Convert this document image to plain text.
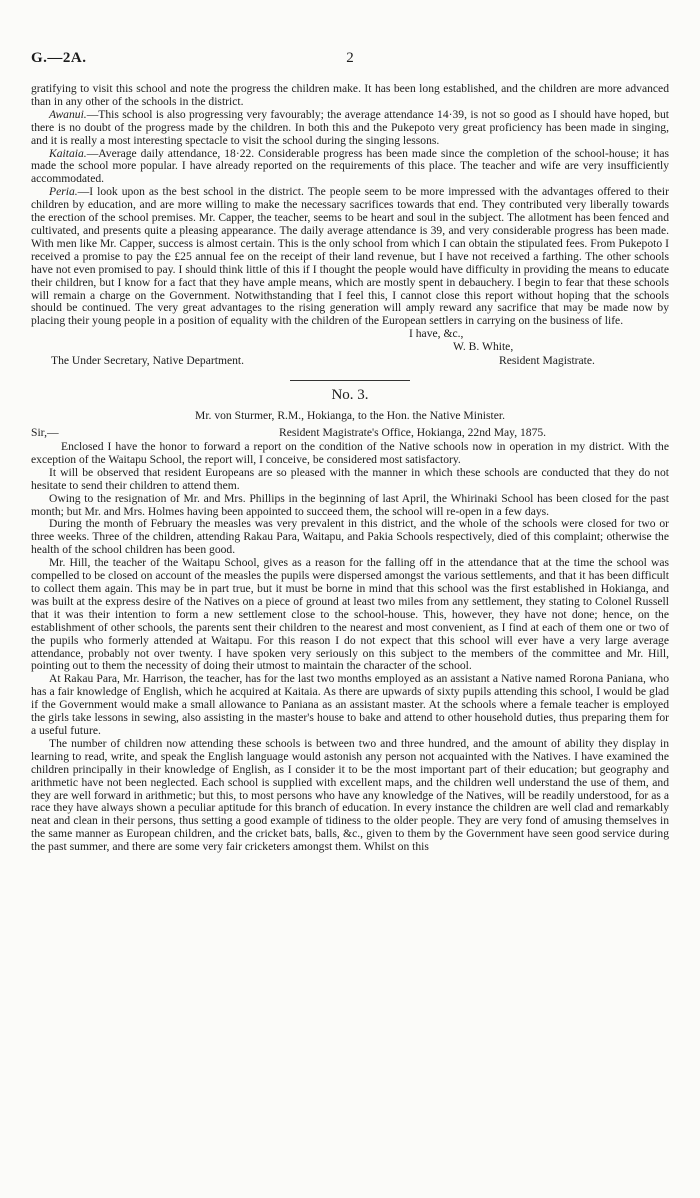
G.—2A.	2

gratifying to visit this school and note the progress the children make. It has been long established, and the children are more advanced than in any other of the schools in the district.

Awanui.—This school is also progressing very favourably; the average attendance 14·39, is not so good as I should have hoped, but there is no doubt of the progress made by the children. In both this and the Pukepoto very great proficiency has been made in singing, and it is really a most interesting spectacle to visit the school during the singing lessons.

Kaitaia.—Average daily attendance, 18·22. Considerable progress has been made since the completion of the school-house; it has made the school more popular. I have already reported on the requirements of this place. The teacher and wife are very insufficiently accommodated.

Peria.—I look upon as the best school in the district. The people seem to be more impressed with the advantages offered to their children by education, and are more willing to make the necessary sacrifices towards that end. They contributed very liberally towards the erection of the school premises. Mr. Capper, the teacher, seems to be heart and soul in the subject. The allotment has been fenced and cultivated, and presents quite a pleasing appearance. The daily average attendance is 39, and very considerable progress has been made. With men like Mr. Capper, success is almost certain. This is the only school from which I can obtain the stipulated fees. From Pukepoto I received a promise to pay the £25 annual fee on the receipt of their land revenue, but I have not received a farthing. The other schools have not even promised to pay. I should think little of this if I thought the people would have difficulty in providing the means to educate their children, but I know for a fact that they have ample means, which are mostly spent in debauchery. I begin to fear that these schools will remain a charge on the Government. Notwithstanding that I feel this, I cannot close this report without hoping that the schools should be continued. The very great advantages to the rising generation will amply reward any sacrifice that may be made now by placing their young people in a position of equality with the children of the European settlers in carrying on the business of life.

I have, &c.,
W. B. White,
The Under Secretary, Native Department.	Resident Magistrate.
No. 3.
Mr. von Sturmer, R.M., Hokianga, to the Hon. the Native Minister.
Sir,—	Resident Magistrate's Office, Hokianga, 22nd May, 1875.

Enclosed I have the honor to forward a report on the condition of the Native schools now in operation in my district. With the exception of the Waitapu School, the report will, I conceive, be considered most satisfactory.

It will be observed that resident Europeans are so pleased with the manner in which these schools are conducted that they do not hesitate to send their children to attend them.

Owing to the resignation of Mr. and Mrs. Phillips in the beginning of last April, the Whirinaki School has been closed for the past month; but Mr. and Mrs. Holmes having been appointed to succeed them, the school will re-open in a few days.

During the month of February the measles was very prevalent in this district, and the whole of the schools were closed for two or three weeks. Three of the children, attending Rakau Para, Waitapu, and Pakia Schools respectively, died of this complaint; otherwise the health of the school children has been good.

Mr. Hill, the teacher of the Waitapu School, gives as a reason for the falling off in the attendance that at the time the school was compelled to be closed on account of the measles the pupils were dispersed amongst the various settlements, and that it has been difficult to collect them again. This may be in part true, but it must be borne in mind that this school was the first established in Hokianga, and was built at the express desire of the Natives on a piece of ground at least two miles from any settlement, they stating to Colonel Russell that it was their intention to form a new settlement close to the school-house. This, however, they have not done; hence, on the establishment of other schools, the parents sent their children to the nearest and most convenient, as I find at each of them one or two of the pupils who formerly attended at Waitapu. For this reason I do not expect that this school will ever have a very large average attendance, probably not over twenty. I have spoken very seriously on this subject to the members of the committee and Mr. Hill, pointing out to them the necessity of doing their utmost to maintain the character of the school.

At Rakau Para, Mr. Harrison, the teacher, has for the last two months employed as an assistant a Native named Rorona Paniana, who has a fair knowledge of English, which he acquired at Kaitaia. As there are upwards of sixty pupils attending this school, I would be glad if the Government would make a small allowance to Paniana as an assistant master. At the schools where a female teacher is employed the girls take lessons in sewing, also assisting in the master's house to bake and attend to other household duties, thus preparing them for a useful future.

The number of children now attending these schools is between two and three hundred, and the amount of ability they display in learning to read, write, and speak the English language would astonish any person not acquainted with the Natives. I have examined the children principally in their knowledge of English, as I consider it to be the most important part of their education; but geography and arithmetic have not been neglected. Each school is supplied with excellent maps, and the children well understand the use of them, and they are well forward in arithmetic; but this, to most persons who have any knowledge of the Natives, will be readily understood, for as a race they have always shown a peculiar aptitude for this branch of education. In every instance the children are well clad and remarkably neat and clean in their persons, thus setting a good example of tidiness to the older people. They are very fond of amusing themselves in the same manner as European children, and the cricket bats, balls, &c., given to them by the Government have seen good service during the past summer, and there are some very fair cricketers amongst them. Whilst on this
